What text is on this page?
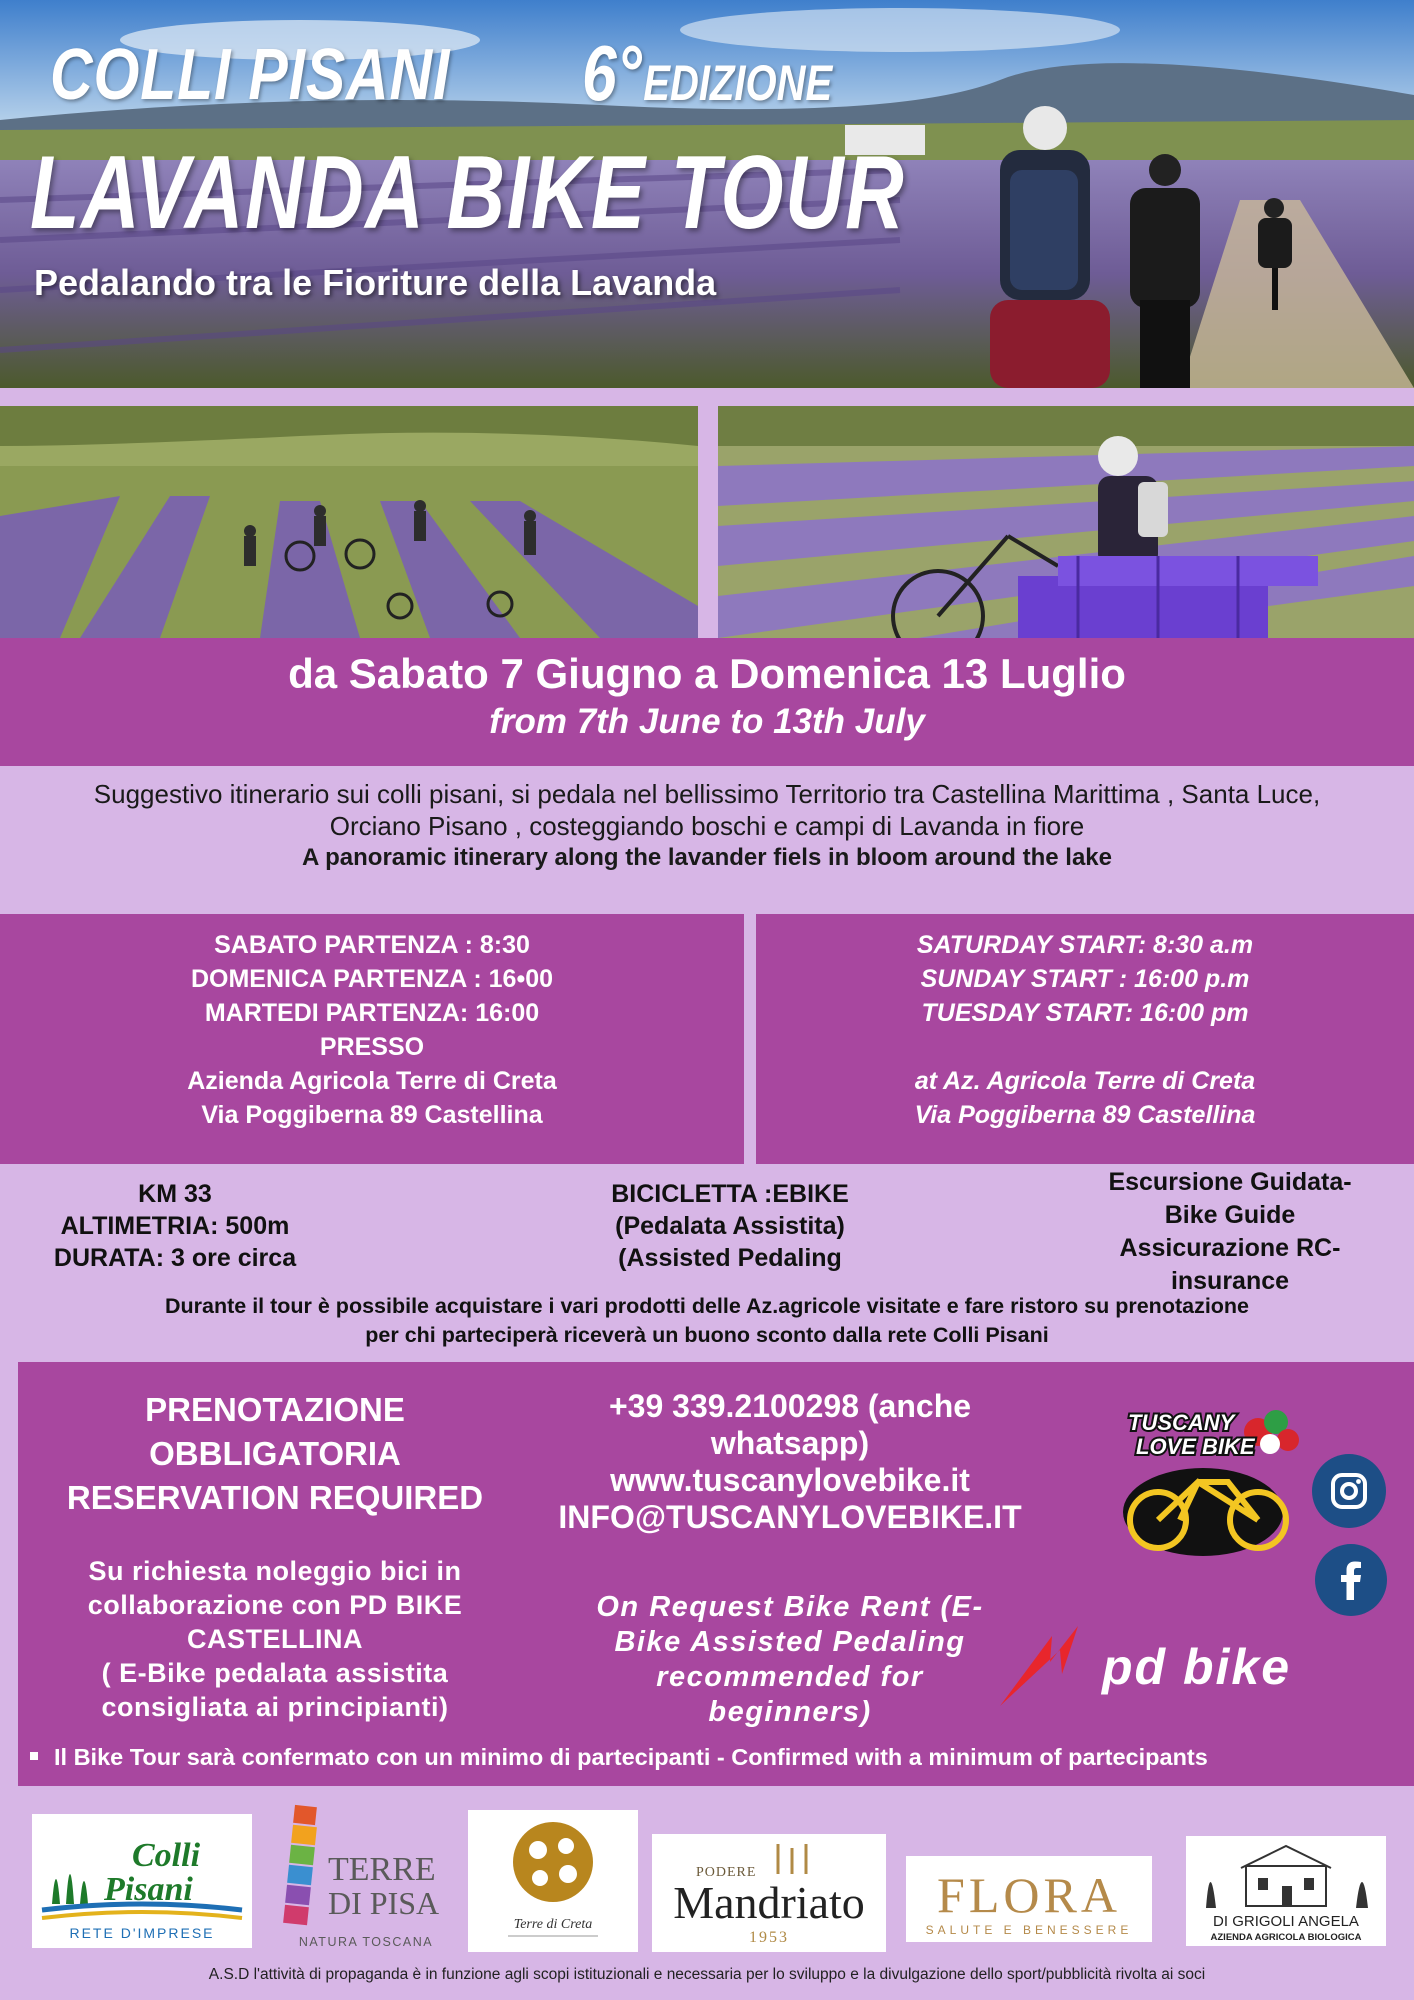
COLLI PISANI 6°EDIZIONE
LAVANDA BIKE TOUR
Pedalando tra le Fioriture della Lavanda
da Sabato 7 Giugno a Domenica 13 Luglio
from 7th June to 13th July
Suggestivo itinerario sui colli pisani, si pedala nel bellissimo Territorio tra Castellina Marittima , Santa Luce,
Orciano Pisano , costeggiando boschi e campi di Lavanda in fiore
A panoramic itinerary along the lavander fiels in bloom around the lake
SABATO PARTENZA : 8:30
DOMENICA PARTENZA : 16•00
MARTEDI PARTENZA: 16:00
PRESSO
Azienda Agricola Terre di Creta
Via Poggiberna 89 Castellina
SATURDAY START: 8:30 a.m
SUNDAY START : 16:00 p.m
TUESDAY START: 16:00 pm
at Az. Agricola Terre di Creta
Via Poggiberna 89 Castellina
KM 33
ALTIMETRIA: 500m
DURATA: 3 ore circa
BICICLETTA :EBIKE
(Pedalata Assistita)
(Assisted Pedaling
Escursione Guidata-
Bike Guide
Assicurazione RC-
insurance
Durante il tour è possibile acquistare i vari prodotti delle Az.agricole visitate e fare ristoro su prenotazione
per chi parteciperà riceverà un buono sconto dalla rete Colli Pisani
PRENOTAZIONE
OBBLIGATORIA
RESERVATION REQUIRED
+39 339.2100298 (anche
whatsapp)
www.tuscanylovebike.it
INFO@TUSCANYLOVEBIKE.IT
Su richiesta noleggio bici in
collaborazione con PD BIKE
CASTELLINA
( E-Bike pedalata assistita
consigliata ai principianti)
On Request Bike Rent (E-
Bike Assisted Pedaling
recommended for
beginners)
TUSCANY
LOVE BIKE
pd bike
Il Bike Tour sarà confermato con un minimo di partecipanti - Confirmed with a minimum of partecipants
Colli
Pisani
RETE D'IMPRESE
TERRE
DI PISA
NATURA TOSCANA
Terre di Creta
PODERE
Mandriato
1953
FLORA
SALUTE E BENESSERE	DI GRIGOLI ANGELA
AZIENDA AGRICOLA BIOLOGICA
A.S.D l'attività di propaganda è in funzione agli scopi istituzionali e necessaria per lo sviluppo e la divulgazione dello sport/pubblicità rivolta ai soci
